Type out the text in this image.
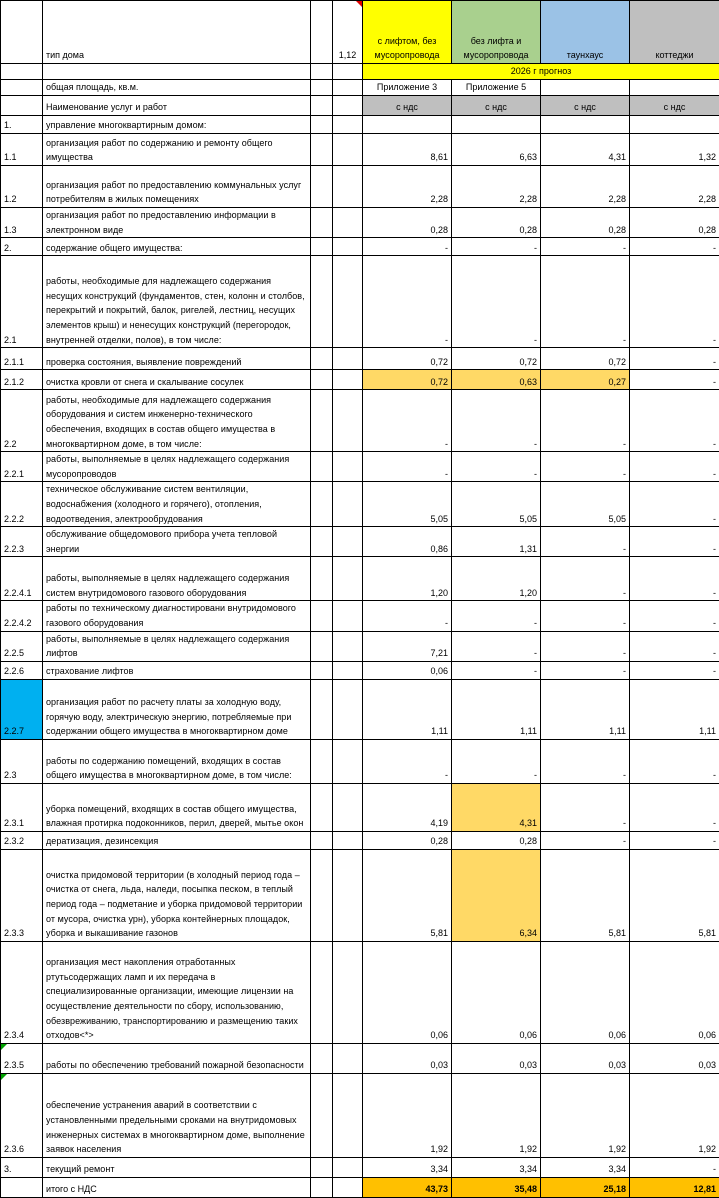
	тип дома		1,12	с лифтом, без мусоропровода	без лифта и мусоропровода	таунхаус	коттеджи
				2026 г прогноз			
	общая площадь, кв.м.			Приложение 3	Приложение 5		
	Наименование услуг и работ			с ндс	с ндс	с ндс	с ндс
1.	управление многоквартирным домом:						
1.1	организация работ по содержанию и ремонту общего имущества			8,61	6,63	4,31	1,32
1.2	организация работ по предоставлению коммунальных услуг потребителям в жилых помещениях			2,28	2,28	2,28	2,28
1.3	организация работ по предоставлению информации в электронном виде			0,28	0,28	0,28	0,28
2.	содержание общего имущества:			-	-	-	-
2.1	работы, необходимые для надлежащего содержания несущих конструкций (фундаментов, стен, колонн и столбов, перекрытий и покрытий, балок, ригелей, лестниц, несущих элементов крыш) и ненесущих конструкций (перегородок, внутренней отделки, полов), в том числе:			-	-	-	-
2.1.1	проверка состояния, выявление повреждений			0,72	0,72	0,72	-
2.1.2	очистка кровли от снега и скалывание сосулек			0,72	0,63	0,27	-
2.2	работы, необходимые для надлежащего содержания оборудования и систем инженерно-технического обеспечения, входящих в состав общего имущества в многоквартирном доме, в том числе:			-	-	-	-
2.2.1	работы, выполняемые в целях надлежащего содержания мусоропроводов			-	-	-	-
2.2.2	техническое обслуживание систем вентиляции, водоснабжения (холодного и горячего), отопления, водоотведения, электрообрудования			5,05	5,05	5,05	-
2.2.3	обслуживание общедомового прибора учета тепловой энергии			0,86	1,31	-	-
2.2.4.1	работы, выполняемые в целях надлежащего содержания систем внутридомового газового оборудования			1,20	1,20	-	-
2.2.4.2	работы по техническому диагностировани внутридомового газового оборудования			-	-	-	-
2.2.5	работы, выполняемые в целях надлежащего содержания лифтов			7,21	-	-	-
2.2.6	страхование лифтов			0,06	-	-	-
2.2.7	организация работ по расчету платы за холодную воду, горячую воду, электрическую энергию, потребляемые при содержании общего имущества в многоквартирном доме			1,11	1,11	1,11	1,11
2.3	работы по содержанию помещений, входящих в состав общего имущества в многоквартирном доме, в том числе:			-	-	-	-
2.3.1	уборка помещений, входящих в состав общего имущества, влажная протирка подоконников, перил, дверей, мытье окон			4,19	4,31	-	-
2.3.2	дератизация, дезинсекция			0,28	0,28	-	-
2.3.3	очистка придомовой территории (в холодный период года – очистка от снега, льда, наледи, посыпка песком, в теплый период года – подметание и уборка придомовой территории от мусора, очистка урн), уборка контейнерных площадок, уборка и выкашивание газонов			5,81	6,34	5,81	5,81
2.3.4	организация мест накопления отработанных ртутьсодержащих ламп и их передача в специализированные организации, имеющие лицензии на осуществление деятельности по сбору, использованию, обезвреживанию, транспортированию и размещению таких отходов<*>			0,06	0,06	0,06	0,06

2.3.5	работы по обеспечению требований пожарной безопасности			0,03	0,03	0,03	0,03

2.3.6	обеспечение устранения аварий в соответствии с установленными предельными сроками на внутридомовых инженерных системах в многоквартирном доме, выполнение заявок населения			1,92	1,92	1,92	1,92
3.	текущий ремонт			3,34	3,34	3,34	-
	итого с НДС			43,73	35,48	25,18	12,81
